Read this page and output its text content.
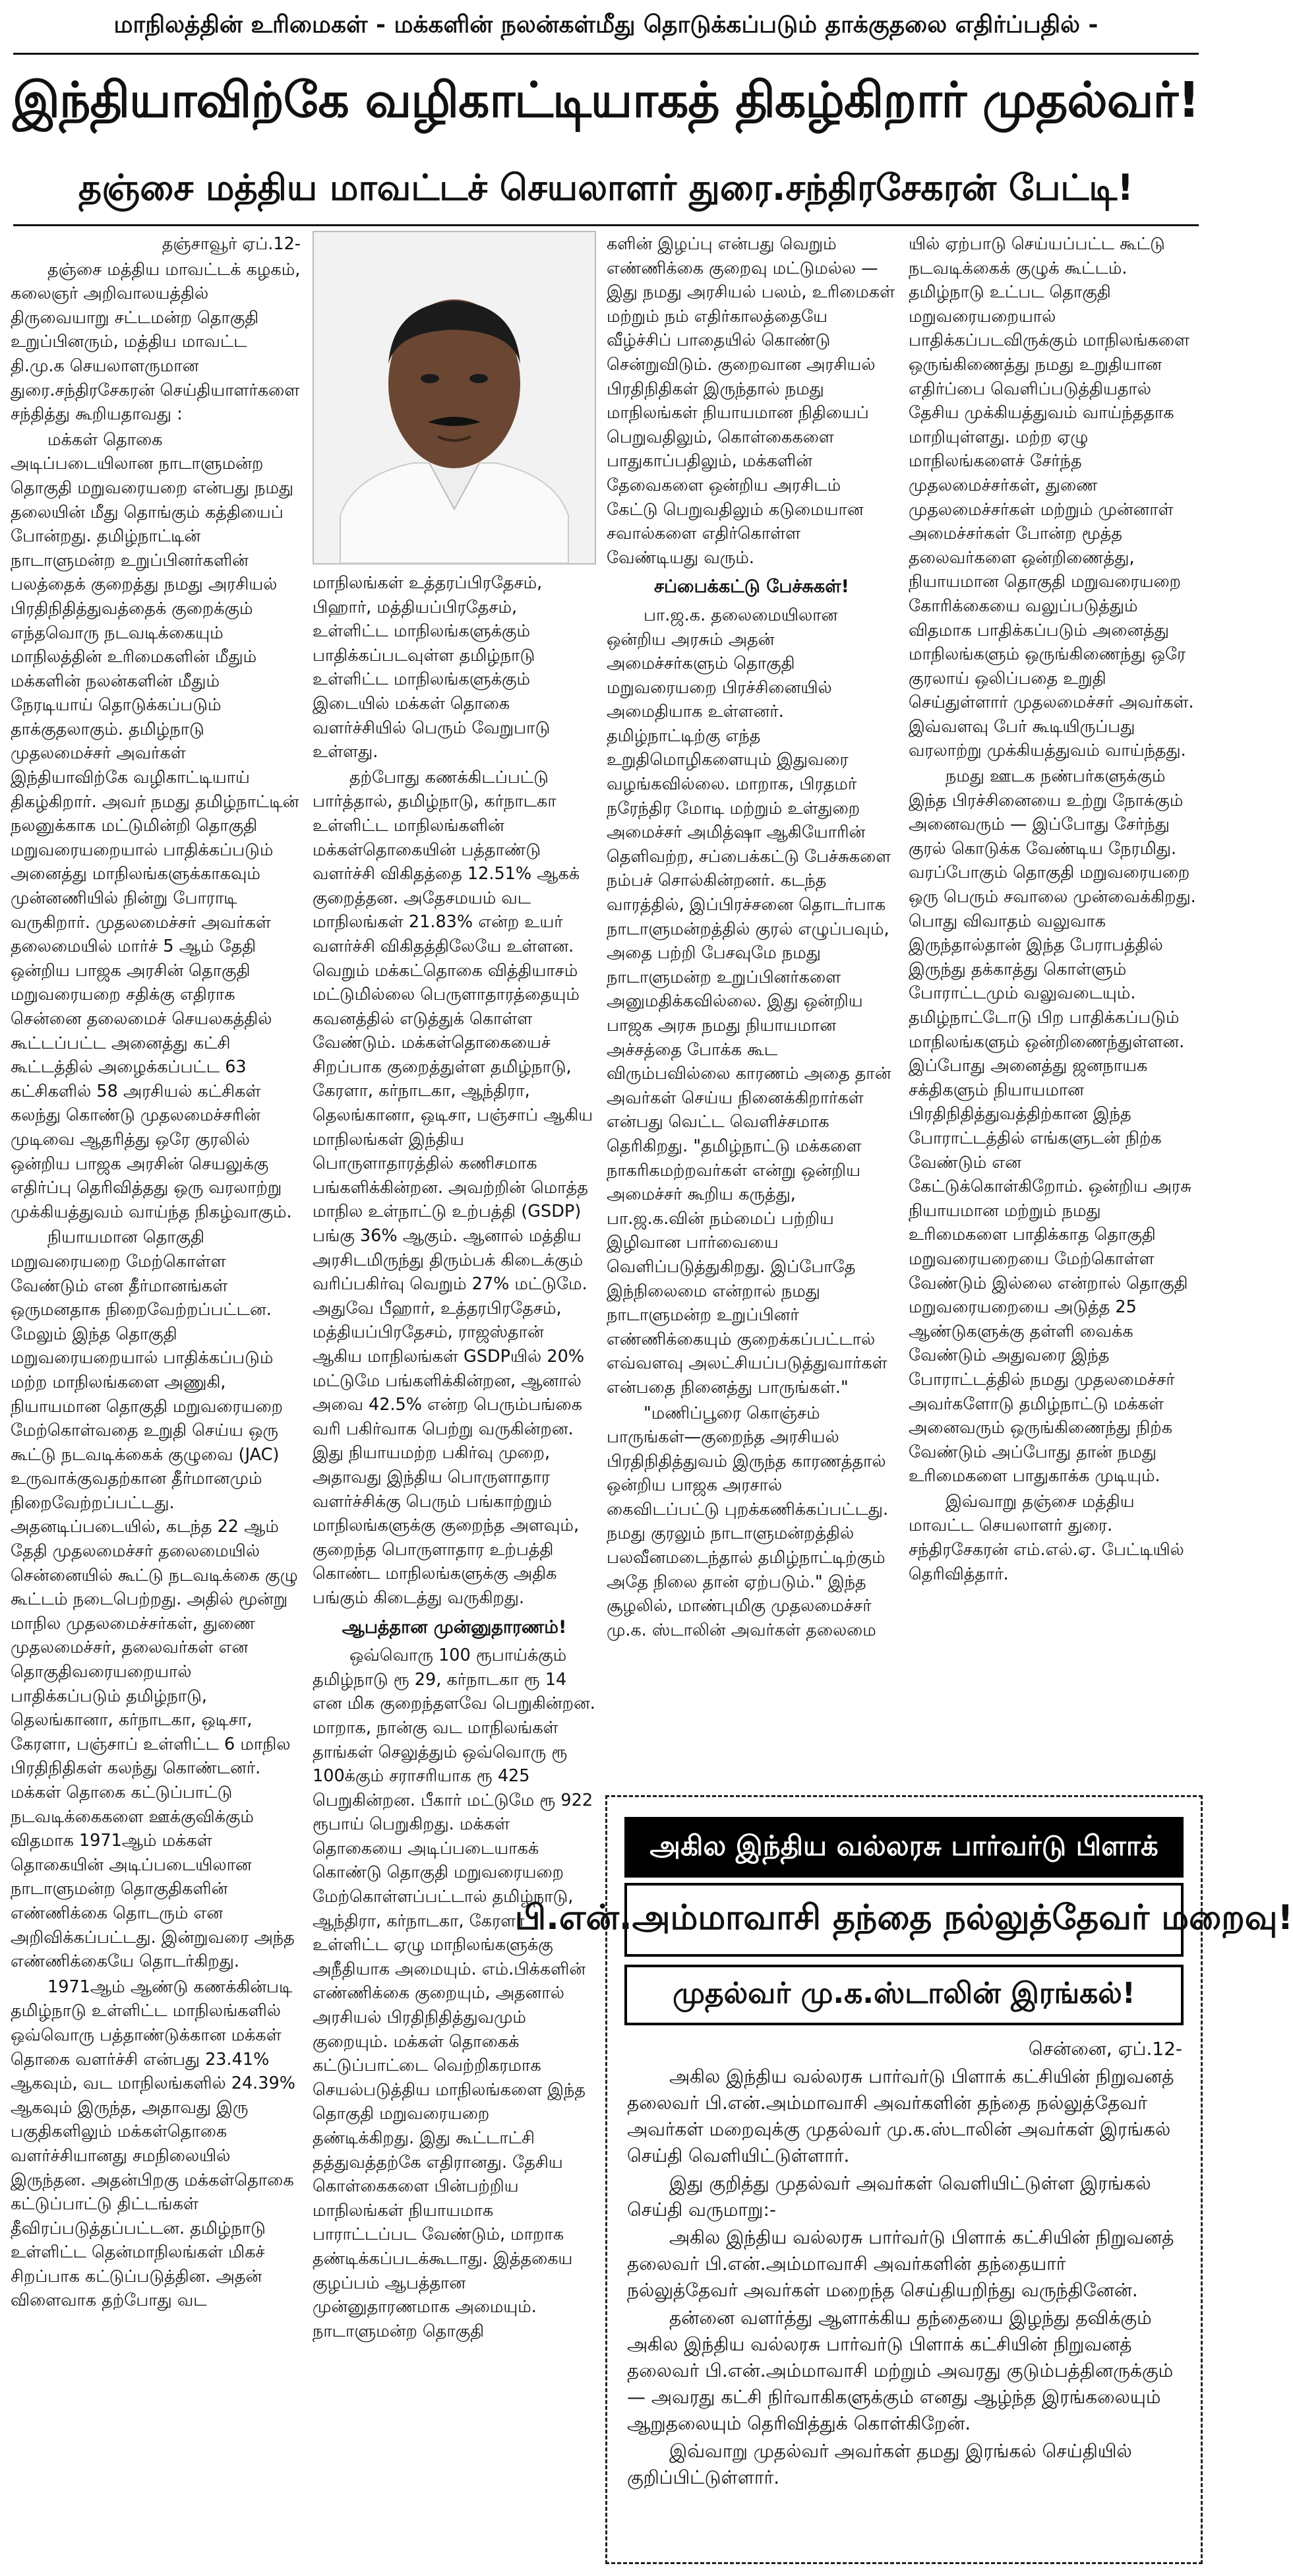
மாநிலத்தின் உரிமைகள் - மக்களின் நலன்கள்மீது தொடுக்கப்படும் தாக்குதலை எதிர்ப்பதில் -
இந்தியாவிற்கே வழிகாட்டியாகத் திகழ்கிறார் முதல்வர்!
தஞ்சை மத்திய மாவட்டச் செயலாளர் துரை.சந்திரசேகரன் பேட்டி!

தஞ்சாவூர் ஏப்.12-

தஞ்சை மத்திய மாவட்டக் கழகம், கலைஞர் அறிவாலயத்தில் திருவையாறு சட்டமன்ற தொகுதி உறுப்பினரும், மத்திய மாவட்ட தி.மு.க செயலாளருமான துரை.சந்திரசேகரன் செய்தியாளர்களை சந்தித்து கூறியதாவது :

மக்கள் தொகை அடிப்படையிலான நாடாளுமன்ற தொகுதி மறுவரையறை என்பது நமது தலையின் மீது தொங்கும் கத்தியைப் போன்றது. தமிழ்நாட்டின் நாடாளுமன்ற உறுப்பினர்களின் பலத்தைக் குறைத்து நமது அரசியல் பிரதிநிதித்துவத்தைக் குறைக்கும் எந்தவொரு நடவடிக்கையும் மாநிலத்தின் உரிமைகளின் மீதும் மக்களின் நலன்களின் மீதும் நேரடியாய் தொடுக்கப்படும் தாக்குதலாகும். தமிழ்நாடு முதலமைச்சர் அவர்கள் இந்தியாவிற்கே வழிகாட்டியாய் திகழ்கிறார். அவர் நமது தமிழ்நாட்டின் நலனுக்காக மட்டுமின்றி தொகுதி மறுவரையறையால் பாதிக்கப்படும் அனைத்து மாநிலங்களுக்காகவும் முன்னணியில் நின்று போராடி வருகிறார். முதலமைச்சர் அவர்கள் தலைமையில் மார்ச் 5 ஆம் தேதி ஒன்றிய பாஜக அரசின் தொகுதி மறுவரையறை சதிக்கு எதிராக சென்னை தலைமைச் செயலகத்தில் கூட்டப்பட்ட அனைத்து கட்சி கூட்டத்தில் அழைக்கப்பட்ட 63 கட்சிகளில் 58 அரசியல் கட்சிகள் கலந்து கொண்டு முதலமைச்சரின் முடிவை ஆதரித்து ஒரே குரலில் ஒன்றிய பாஜக அரசின் செயலுக்கு எதிர்ப்பு தெரிவித்தது ஒரு வரலாற்று முக்கியத்துவம் வாய்ந்த நிகழ்வாகும்.

நியாயமான தொகுதி மறுவரையறை மேற்கொள்ள வேண்டும் என தீர்மானங்கள் ஒருமனதாக நிறைவேற்றப்பட்டன. மேலும் இந்த தொகுதி மறுவரையறையால் பாதிக்கப்படும் மற்ற மாநிலங்களை அணுகி, நியாயமான தொகுதி மறுவரையறை மேற்கொள்வதை உறுதி செய்ய ஒரு கூட்டு நடவடிக்கைக் குழுவை (JAC) உருவாக்குவதற்கான தீர்மானமும் நிறைவேற்றப்பட்டது. அதனடிப்படையில், கடந்த 22 ஆம் தேதி முதலமைச்சர் தலைமையில் சென்னையில் கூட்டு நடவடிக்கை குழு கூட்டம் நடைபெற்றது. அதில் மூன்று மாநில முதலமைச்சர்கள், துணை முதலமைச்சர், தலைவர்கள் என தொகுதிவரையறையால் பாதிக்கப்படும் தமிழ்நாடு, தெலங்கானா, கர்நாடகா, ஒடிசா, கேரளா, பஞ்சாப் உள்ளிட்ட 6 மாநில பிரதிநிதிகள் கலந்து கொண்டனர். மக்கள் தொகை கட்டுப்பாட்டு நடவடிக்கைகளை ஊக்குவிக்கும் விதமாக 1971ஆம் மக்கள் தொகையின் அடிப்படையிலான நாடாளுமன்ற தொகுதிகளின் எண்ணிக்கை தொடரும் என அறிவிக்கப்பட்டது. இன்றுவரை அந்த எண்ணிக்கையே தொடர்கிறது.

1971ஆம் ஆண்டு கணக்கின்படி தமிழ்நாடு உள்ளிட்ட மாநிலங்களில் ஒவ்வொரு பத்தாண்டுக்கான மக்கள் தொகை வளர்ச்சி என்பது 23.41% ஆகவும், வட மாநிலங்களில் 24.39% ஆகவும் இருந்த, அதாவது இரு பகுதிகளிலும் மக்கள்தொகை வளர்ச்சியானது சமநிலையில் இருந்தன. அதன்பிறகு மக்கள்தொகை கட்டுப்பாட்டு திட்டங்கள் தீவிரப்படுத்தப்பட்டன. தமிழ்நாடு உள்ளிட்ட தென்மாநிலங்கள் மிகச் சிறப்பாக கட்டுப்படுத்தின. அதன் விளைவாக தற்போது வட

மாநிலங்கள் உத்தரப்பிரதேசம், பிஹார், மத்தியப்பிரதேசம், உள்ளிட்ட மாநிலங்களுக்கும் பாதிக்கப்படவுள்ள தமிழ்நாடு உள்ளிட்ட மாநிலங்களுக்கும் இடையில் மக்கள் தொகை வளர்ச்சியில் பெரும் வேறுபாடு உள்ளது.

தற்போது கணக்கிடப்பட்டு பார்த்தால், தமிழ்நாடு, கர்நாடகா உள்ளிட்ட மாநிலங்களின் மக்கள்தொகையின் பத்தாண்டு வளர்ச்சி விகிதத்தை 12.51% ஆகக் குறைத்தன. அதேசமயம் வட மாநிலங்கள் 21.83% என்ற உயர் வளர்ச்சி விகிதத்திலேயே உள்ளன. வெறும் மக்கட்தொகை வித்தியாசம் மட்டுமில்லை பெருளாதாரத்தையும் கவனத்தில் எடுத்துக் கொள்ள வேண்டும். மக்கள்தொகையைச் சிறப்பாக குறைத்துள்ள தமிழ்நாடு, கேரளா, கர்நாடகா, ஆந்திரா, தெலங்கானா, ஒடிசா, பஞ்சாப் ஆகிய மாநிலங்கள் இந்திய பொருளாதாரத்தில் கணிசமாக பங்களிக்கின்றன. அவற்றின் மொத்த மாநில உள்நாட்டு உற்பத்தி (GSDP) பங்கு 36% ஆகும். ஆனால் மத்திய அரசிடமிருந்து திரும்பக் கிடைக்கும் வரிப்பகிர்வு வெறும் 27% மட்டுமே. அதுவே பீஹார், உத்தரபிரதேசம், மத்தியப்பிரதேசம், ராஜஸ்தான் ஆகிய மாநிலங்கள் GSDPயில் 20% மட்டுமே பங்களிக்கின்றன, ஆனால் அவை 42.5% என்ற பெரும்பங்கை வரி பகிர்வாக பெற்று வருகின்றன. இது நியாயமற்ற பகிர்வு முறை, அதாவது இந்திய பொருளாதார வளர்ச்சிக்கு பெரும் பங்காற்றும் மாநிலங்களுக்கு குறைந்த அளவும், குறைந்த பொருளாதார உற்பத்தி கொண்ட மாநிலங்களுக்கு அதிக பங்கும் கிடைத்து வருகிறது.

ஆபத்தான முன்னுதாரணம்!

ஒவ்வொரு 100 ரூபாய்க்கும் தமிழ்நாடு ரூ 29, கர்நாடகா ரூ 14 என மிக குறைந்தளவே பெறுகின்றன. மாறாக, நான்கு வட மாநிலங்கள் தாங்கள் செலுத்தும் ஒவ்வொரு ரூ 100க்கும் சராசரியாக ரூ 425 பெறுகின்றன. பீகார் மட்டுமே ரூ 922 ரூபாய் பெறுகிறது. மக்கள் தொகையை அடிப்படையாகக் கொண்டு தொகுதி மறுவரையறை மேற்கொள்ளப்பட்டால் தமிழ்நாடு, ஆந்திரா, கர்நாடகா, கேரளா உள்ளிட்ட ஏழு மாநிலங்களுக்கு அநீதியாக அமையும். எம்.பிக்களின் எண்ணிக்கை குறையும், அதனால் அரசியல் பிரதிநிதித்துவமும் குறையும். மக்கள் தொகைக் கட்டுப்பாட்டை வெற்றிகரமாக செயல்படுத்திய மாநிலங்களை இந்த தொகுதி மறுவரையறை தண்டிக்கிறது. இது கூட்டாட்சி தத்துவத்தற்கே எதிரானது. தேசிய கொள்கைகளை பின்பற்றிய மாநிலங்கள் நியாயமாக பாராட்டப்பட வேண்டும், மாறாக தண்டிக்கப்படக்கூடாது. இத்தகைய குழப்பம் ஆபத்தான முன்னுதாரணமாக அமையும். நாடாளுமன்ற தொகுதி

களின் இழப்பு என்பது வெறும் எண்ணிக்கை குறைவு மட்டுமல்ல — இது நமது அரசியல் பலம், உரிமைகள் மற்றும் நம் எதிர்காலத்தையே வீழ்ச்சிப் பாதையில் கொண்டு சென்றுவிடும். குறைவான அரசியல் பிரதிநிதிகள் இருந்தால் நமது மாநிலங்கள் நியாயமான நிதியைப் பெறுவதிலும், கொள்கைகளை பாதுகாப்பதிலும், மக்களின் தேவைகளை ஒன்றிய அரசிடம் கேட்டு பெறுவதிலும் கடுமையான சவால்களை எதிர்கொள்ள வேண்டியது வரும்.

சப்பைக்கட்டு பேச்சுகள்!

பா.ஜ.க. தலைமையிலான ஒன்றிய அரசும் அதன் அமைச்சர்களும் தொகுதி மறுவரையறை பிரச்சினையில் அமைதியாக உள்ளனர். தமிழ்நாட்டிற்கு எந்த உறுதிமொழிகளையும் இதுவரை வழங்கவில்லை. மாறாக, பிரதமர் நரேந்திர மோடி மற்றும் உள்துறை அமைச்சர் அமித்ஷா ஆகியோரின் தெளிவற்ற, சப்பைக்கட்டு பேச்சுகளை நம்பச் சொல்கின்றனர். கடந்த வாரத்தில், இப்பிரச்சனை தொடர்பாக நாடாளுமன்றத்தில் குரல் எழுப்பவும், அதை பற்றி பேசவுமே நமது நாடாளுமன்ற உறுப்பினர்களை அனுமதிக்கவில்லை. இது ஒன்றிய பாஜக அரசு நமது நியாயமான அச்சத்தை போக்க கூட விரும்பவில்லை காரணம் அதை தான் அவர்கள் செய்ய நினைக்கிறார்கள் என்பது வெட்ட வெளிச்சமாக தெரிகிறது. "தமிழ்நாட்டு மக்களை நாகரிகமற்றவர்கள் என்று ஒன்றிய அமைச்சர் கூறிய கருத்து, பா.ஜ.க.வின் நம்மைப் பற்றிய இழிவான பார்வையை வெளிப்படுத்துகிறது. இப்போதே இந்நிலைமை என்றால் நமது நாடாளுமன்ற உறுப்பினர் எண்ணிக்கையும் குறைக்கப்பட்டால் எவ்வளவு அலட்சியப்படுத்துவார்கள் என்பதை நினைத்து பாருங்கள்."

"மணிப்பூரை கொஞ்சம் பாருங்கள்—குறைந்த அரசியல் பிரதிநிதித்துவம் இருந்த காரணத்தால் ஒன்றிய பாஜக அரசால் கைவிடப்பட்டு புறக்கணிக்கப்பட்டது. நமது குரலும் நாடாளுமன்றத்தில் பலவீனமடைந்தால் தமிழ்நாட்டிற்கும் அதே நிலை தான் ஏற்படும்." இந்த சூழலில், மாண்புமிகு முதலமைச்சர் மு.க. ஸ்டாலின் அவர்கள் தலைமை

யில் ஏற்பாடு செய்யப்பட்ட கூட்டு நடவடிக்கைக் குழுக் கூட்டம். தமிழ்நாடு உட்பட தொகுதி மறுவரையறையால் பாதிக்கப்படவிருக்கும் மாநிலங்களை ஒருங்கிணைத்து நமது உறுதியான எதிர்ப்பை வெளிப்படுத்தியதால் தேசிய முக்கியத்துவம் வாய்ந்ததாக மாறியுள்ளது. மற்ற ஏழு மாநிலங்களைச் சேர்ந்த முதலமைச்சர்கள், துணை முதலமைச்சர்கள் மற்றும் முன்னாள் அமைச்சர்கள் போன்ற மூத்த தலைவர்களை ஒன்றிணைத்து, நியாயமான தொகுதி மறுவரையறை கோரிக்கையை வலுப்படுத்தும் விதமாக பாதிக்கப்படும் அனைத்து மாநிலங்களும் ஒருங்கிணைந்து ஒரே குரலாய் ஒலிப்பதை உறுதி செய்துள்ளார் முதலமைச்சர் அவர்கள். இவ்வளவு பேர் கூடியிருப்பது வரலாற்று முக்கியத்துவம் வாய்ந்தது.

நமது ஊடக நண்பர்களுக்கும் இந்த பிரச்சினையை உற்று நோக்கும் அனைவரும் — இப்போது சேர்ந்து குரல் கொடுக்க வேண்டிய நேரமிது. வரப்போகும் தொகுதி மறுவரையறை ஒரு பெரும் சவாலை முன்வைக்கிறது. பொது விவாதம் வலுவாக இருந்தால்தான் இந்த பேராபத்தில் இருந்து தக்காத்து கொள்ளும் போராட்டமும் வலுவடையும். தமிழ்நாட்டோடு பிற பாதிக்கப்படும் மாநிலங்களும் ஒன்றிணைந்துள்ளன. இப்போது அனைத்து ஜனநாயக சக்திகளும் நியாயமான பிரதிநிதித்துவத்திற்கான இந்த போராட்டத்தில் எங்களுடன் நிற்க வேண்டும் என கேட்டுக்கொள்கிறோம். ஒன்றிய அரசு நியாயமான மற்றும் நமது உரிமைகளை பாதிக்காத தொகுதி மறுவரையறையை மேற்கொள்ள வேண்டும் இல்லை என்றால் தொகுதி மறுவரையறையை அடுத்த 25 ஆண்டுகளுக்கு தள்ளி வைக்க வேண்டும் அதுவரை இந்த போராட்டத்தில் நமது முதலமைச்சர் அவர்களோடு தமிழ்நாட்டு மக்கள் அனைவரும் ஒருங்கிணைந்து நிற்க வேண்டும் அப்போது தான் நமது உரிமைகளை பாதுகாக்க முடியும்.

இவ்வாறு தஞ்சை மத்திய மாவட்ட செயலாளர் துரை. சந்திரசேகரன் எம்.எல்.ஏ. பேட்டியில் தெரிவித்தார்.

அகில இந்திய வல்லரசு பார்வர்டு பிளாக்
பி.என்.அம்மாவாசி தந்தை நல்லுத்தேவர் மறைவு!
முதல்வர் மு.க.ஸ்டாலின் இரங்கல்!

சென்னை, ஏப்.12-

அகில இந்திய வல்லரசு பார்வர்டு பிளாக் கட்சியின் நிறுவனத் தலைவர் பி.என்.அம்மாவாசி அவர்களின் தந்தை நல்லுத்தேவர் அவர்கள் மறைவுக்கு முதல்வர் மு.க.ஸ்டாலின் அவர்கள் இரங்கல் செய்தி வெளியிட்டுள்ளார்.

இது குறித்து முதல்வர் அவர்கள் வெளியிட்டுள்ள இரங்கல் செய்தி வருமாறு:-

அகில இந்திய வல்லரசு பார்வர்டு பிளாக் கட்சியின் நிறுவனத் தலைவர் பி.என்.அம்மாவாசி அவர்களின் தந்தையார் நல்லுத்தேவர் அவர்கள் மறைந்த செய்தியறிந்து வருந்தினேன்.

தன்னை வளர்த்து ஆளாக்கிய தந்தையை இழந்து தவிக்கும் அகில இந்திய வல்லரசு பார்வர்டு பிளாக் கட்சியின் நிறுவனத் தலைவர் பி.என்.அம்மாவாசி மற்றும் அவரது குடும்பத்தினருக்கும் — அவரது கட்சி நிர்வாகிகளுக்கும் எனது ஆழ்ந்த இரங்கலையும் ஆறுதலையும் தெரிவித்துக் கொள்கிறேன்.

இவ்வாறு முதல்வர் அவர்கள் தமது இரங்கல் செய்தியில் குறிப்பிட்டுள்ளார்.
